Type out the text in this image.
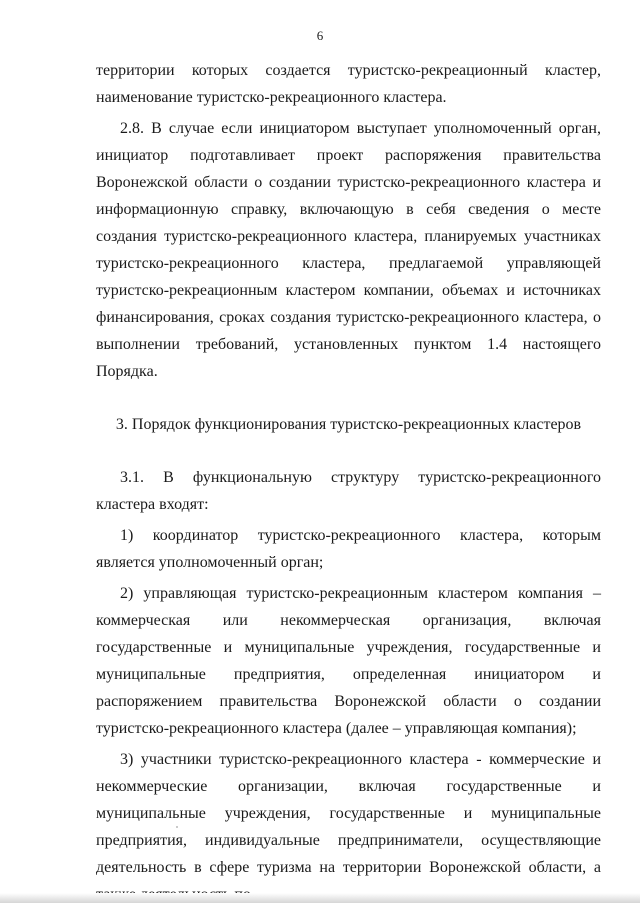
6

территории которых создается туристско-рекреационный кластер, наименование туристско-рекреационного кластера.

2.8. В случае если инициатором выступает уполномоченный орган, инициатор подготавливает проект распоряжения правительства Воронежской области о создании туристско-рекреационного кластера и информационную справку, включающую в себя сведения о месте создания туристско-рекреационного кластера, планируемых участниках туристско-рекреационного кластера, предлагаемой управляющей туристско-рекреационным кластером компании, объемах и источниках финансирования, сроках создания туристско-рекреационного кластера, о выполнении требований, установленных пунктом 1.4 настоящего Порядка.

3. Порядок функционирования туристско-рекреационных кластеров

3.1. В функциональную структуру туристско-рекреационного кластера входят:

1) координатор туристско-рекреационного кластера, которым является уполномоченный орган;

2) управляющая туристско-рекреационным кластером компания – коммерческая или некоммерческая организация, включая государственные и муниципальные учреждения, государственные и муниципальные предприятия, определенная инициатором и распоряжением правительства Воронежской области о создании туристско-рекреационного кластера (далее – управляющая компания);

3) участники туристско-рекреационного кластера - коммерческие и некоммерческие организации, включая государственные и муниципальные учреждения, государственные и муниципальные предприятия, индивидуальные предприниматели, осуществляющие деятельность в сфере туризма на территории Воронежской области, а
